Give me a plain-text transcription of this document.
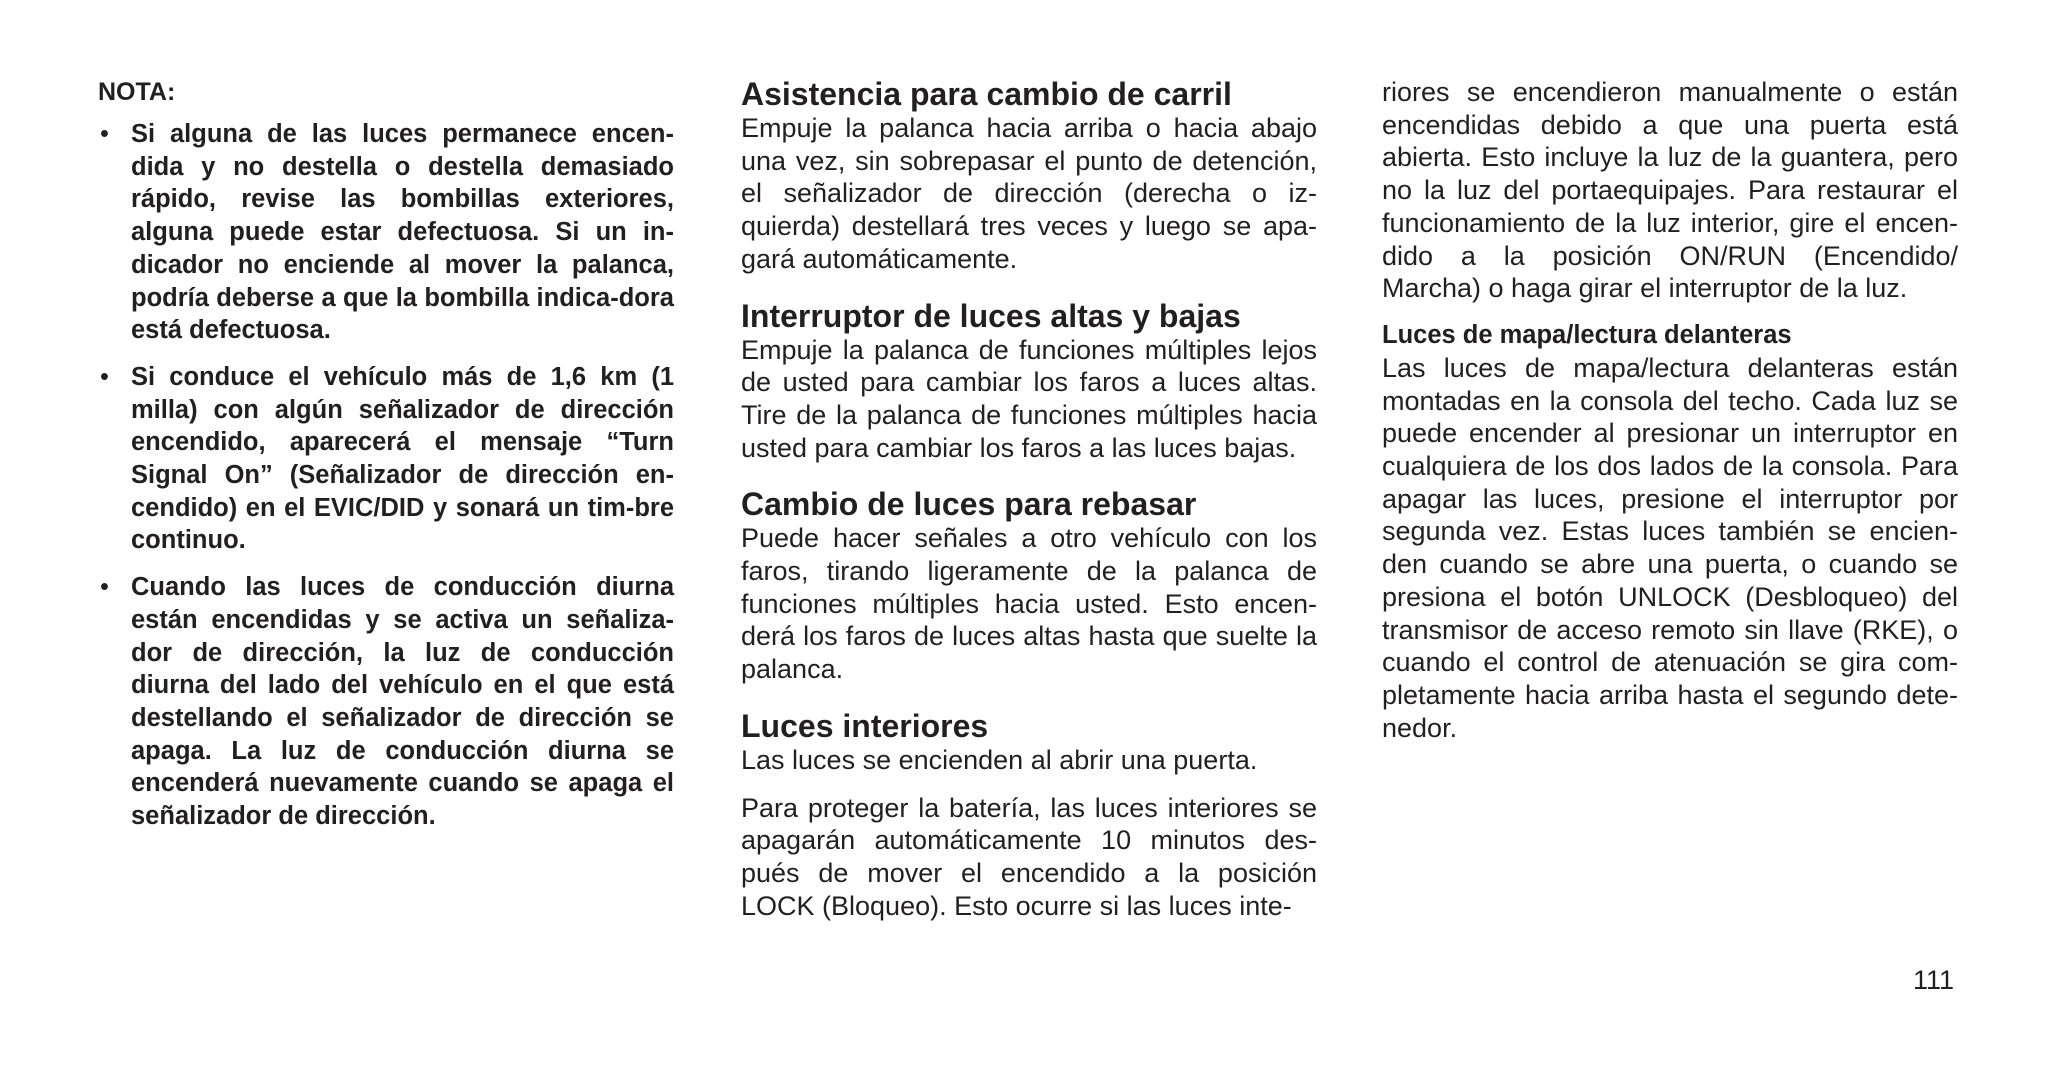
NOTA:
• Si alguna de las luces permanece encen-dida y no destella o destella demasiado rápido, revise las bombillas exteriores, alguna puede estar defectuosa. Si un in-dicador no enciende al mover la palanca, podría deberse a que la bombilla indica-dora está defectuosa.
• Si conduce el vehículo más de 1,6 km (1 milla) con algún señalizador de dirección encendido, aparecerá el mensaje “Turn Signal On” (Señalizador de dirección en-cendido) en el EVIC/DID y sonará un tim-bre continuo.
• Cuando las luces de conducción diurna están encendidas y se activa un señaliza-dor de dirección, la luz de conducción diurna del lado del vehículo en el que está destellando el señalizador de dirección se apaga. La luz de conducción diurna se encenderá nuevamente cuando se apaga el señalizador de dirección.
Asistencia para cambio de carril

Empuje la palanca hacia arriba o hacia abajo una vez, sin sobrepasar el punto de detención, el señalizador de dirección (derecha o iz-quierda) destellará tres veces y luego se apa-gará automáticamente.

Interruptor de luces altas y bajas

Empuje la palanca de funciones múltiples lejos de usted para cambiar los faros a luces altas. Tire de la palanca de funciones múltiples hacia usted para cambiar los faros a las luces bajas.

Cambio de luces para rebasar

Puede hacer señales a otro vehículo con los faros, tirando ligeramente de la palanca de funciones múltiples hacia usted. Esto encen-derá los faros de luces altas hasta que suelte la palanca.

Luces interiores

Las luces se encienden al abrir una puerta.

Para proteger la batería, las luces interiores se apagarán automáticamente 10 minutos des-pués de mover el encendido a la posición LOCK (Bloqueo). Esto ocurre si las luces inte-

riores se encendieron manualmente o están encendidas debido a que una puerta está abierta. Esto incluye la luz de la guantera, pero no la luz del portaequipajes. Para restaurar el funcionamiento de la luz interior, gire el encen-dido a la posición ON/RUN (Encendido/ Marcha) o haga girar el interruptor de la luz.

Luces de mapa/lectura delanteras

Las luces de mapa/lectura delanteras están montadas en la consola del techo. Cada luz se puede encender al presionar un interruptor en cualquiera de los dos lados de la consola. Para apagar las luces, presione el interruptor por segunda vez. Estas luces también se encien-den cuando se abre una puerta, o cuando se presiona el botón UNLOCK (Desbloqueo) del transmisor de acceso remoto sin llave (RKE), o cuando el control de atenuación se gira com-pletamente hacia arriba hasta el segundo dete-nedor.

111
